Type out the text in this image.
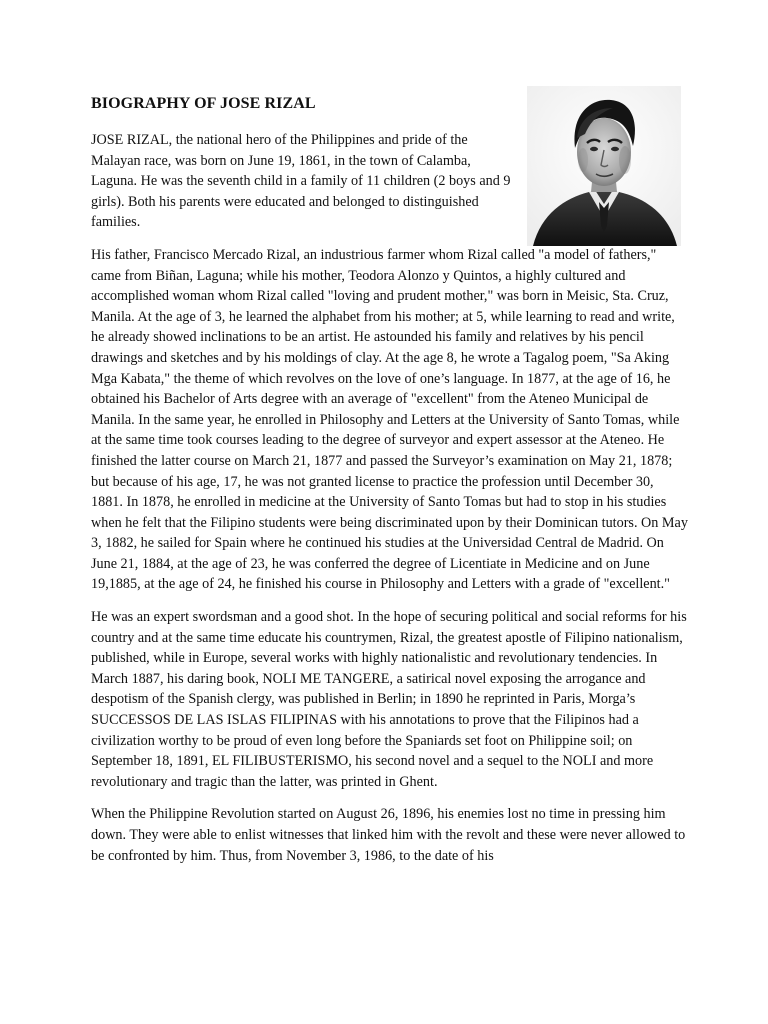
BIOGRAPHY OF JOSE RIZAL

JOSE RIZAL, the national hero of the Philippines and pride of the Malayan race, was born on June 19, 1861, in the town of Calamba, Laguna. He was the seventh child in a family of 11 children (2 boys and 9 girls). Both his parents were educated and belonged to distinguished families.

His father, Francisco Mercado Rizal, an industrious farmer whom Rizal called "a model of fathers," came from Biñan, Laguna; while his mother, Teodora Alonzo y Quintos, a highly cultured and accomplished woman whom Rizal called "loving and prudent mother," was born in Meisic, Sta. Cruz, Manila. At the age of 3, he learned the alphabet from his mother; at 5, while learning to read and write, he already showed inclinations to be an artist. He astounded his family and relatives by his pencil drawings and sketches and by his moldings of clay. At the age 8, he wrote a Tagalog poem, "Sa Aking Mga Kabata," the theme of which revolves on the love of one’s language. In 1877, at the age of 16, he obtained his Bachelor of Arts degree with an average of "excellent" from the Ateneo Municipal de Manila. In the same year, he enrolled in Philosophy and Letters at the University of Santo Tomas, while at the same time took courses leading to the degree of surveyor and expert assessor at the Ateneo. He finished the latter course on March 21, 1877 and passed the Surveyor’s examination on May 21, 1878; but because of his age, 17, he was not granted license to practice the profession until December 30, 1881. In 1878, he enrolled in medicine at the University of Santo Tomas but had to stop in his studies when he felt that the Filipino students were being discriminated upon by their Dominican tutors. On May 3, 1882, he sailed for Spain where he continued his studies at the Universidad Central de Madrid. On June 21, 1884, at the age of 23, he was conferred the degree of Licentiate in Medicine and on June 19,1885, at the age of 24, he finished his course in Philosophy and Letters with a grade of "excellent."

He was an expert swordsman and a good shot. In the hope of securing political and social reforms for his country and at the same time educate his countrymen, Rizal, the greatest apostle of Filipino nationalism, published, while in Europe, several works with highly nationalistic and revolutionary tendencies. In March 1887, his daring book, NOLI ME TANGERE, a satirical novel exposing the arrogance and despotism of the Spanish clergy, was published in Berlin; in 1890 he reprinted in Paris, Morga’s SUCCESSOS DE LAS ISLAS FILIPINAS with his annotations to prove that the Filipinos had a civilization worthy to be proud of even long before the Spaniards set foot on Philippine soil; on September 18, 1891, EL FILIBUSTERISMO, his second novel and a sequel to the NOLI and more revolutionary and tragic than the latter, was printed in Ghent.

When the Philippine Revolution started on August 26, 1896, his enemies lost no time in pressing him down. They were able to enlist witnesses that linked him with the revolt and these were never allowed to be confronted by him. Thus, from November 3, 1986, to the date of his
